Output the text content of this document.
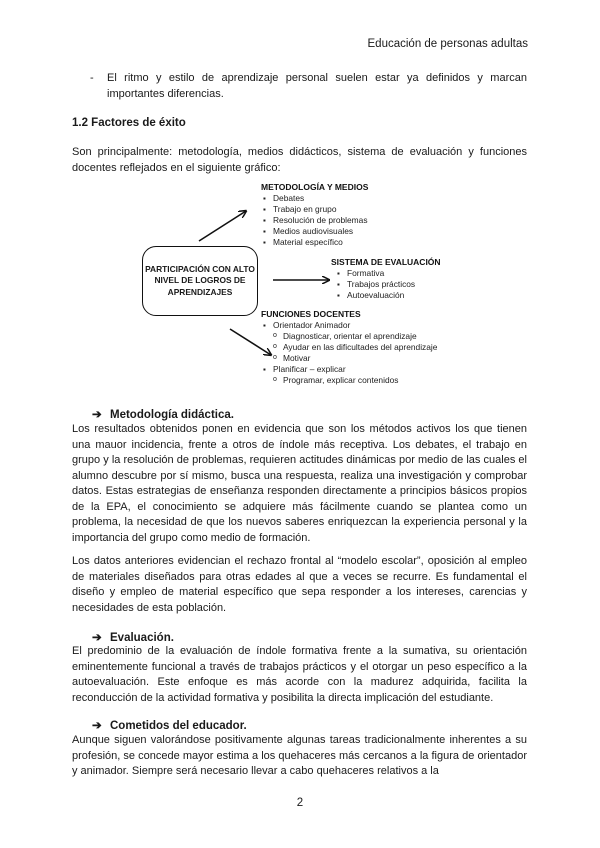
Educación de personas adultas
-	El ritmo y estilo de aprendizaje personal suelen estar ya definidos y marcan importantes diferencias.
1.2 Factores de éxito

Son principalmente: metodología, medios didácticos, sistema de evaluación y funciones docentes reflejados en el siguiente gráfico:

PARTICIPACIÓN CON ALTO NIVEL DE LOGROS DE APRENDIZAJES
METODOLOGÍA Y MEDIOS
▪ Debates
▪ Trabajo en grupo
▪ Resolución de problemas
▪ Medios audiovisuales
▪ Material específico
SISTEMA DE EVALUACIÓN
▪ Formativa
▪ Trabajos prácticos
▪ Autoevaluación
FUNCIONES DOCENTES
▪ Orientador Animador
o Diagnosticar, orientar el aprendizaje
o Ayudar en las dificultades del aprendizaje
o Motivar
▪ Planificar – explicar
o Programar, explicar contenidos
➔ Metodología didáctica.

Los resultados obtenidos ponen en evidencia que son los métodos activos los que tienen una mauor incidencia, frente a otros de índole más receptiva. Los debates, el trabajo en grupo y la resolución de problemas, requieren actitudes dinámicas por medio de las cuales el alumno descubre por sí mismo, busca una respuesta, realiza una investigación y comprobar datos. Estas estrategias de enseñanza responden directamente a principios básicos propios de la EPA, el conocimiento se adquiere más fácilmente cuando se plantea como un problema, la necesidad de que los nuevos saberes enriquezcan la experiencia personal y la importancia del grupo como medio de formación.

Los datos anteriores evidencian el rechazo frontal al “modelo escolar”, oposición al empleo de materiales diseñados para otras edades al que a veces se recurre. Es fundamental el diseño y empleo de material específico que sepa responder a los intereses, carencias y necesidades de esta población.

➔ Evaluación.

El predominio de la evaluación de índole formativa frente a la sumativa, su orientación eminentemente funcional a través de trabajos prácticos y el otorgar un peso específico a la autoevaluación. Este enfoque es más acorde con la madurez adquirida, facilita la reconducción de la actividad formativa y posibilita la directa implicación del estudiante.

➔ Cometidos del educador.

Aunque siguen valorándose positivamente algunas tareas tradicionalmente inherentes a su profesión, se concede mayor estima a los quehaceres más cercanos a la figura de orientador y animador. Siempre será necesario llevar a cabo quehaceres relativos a la

2
